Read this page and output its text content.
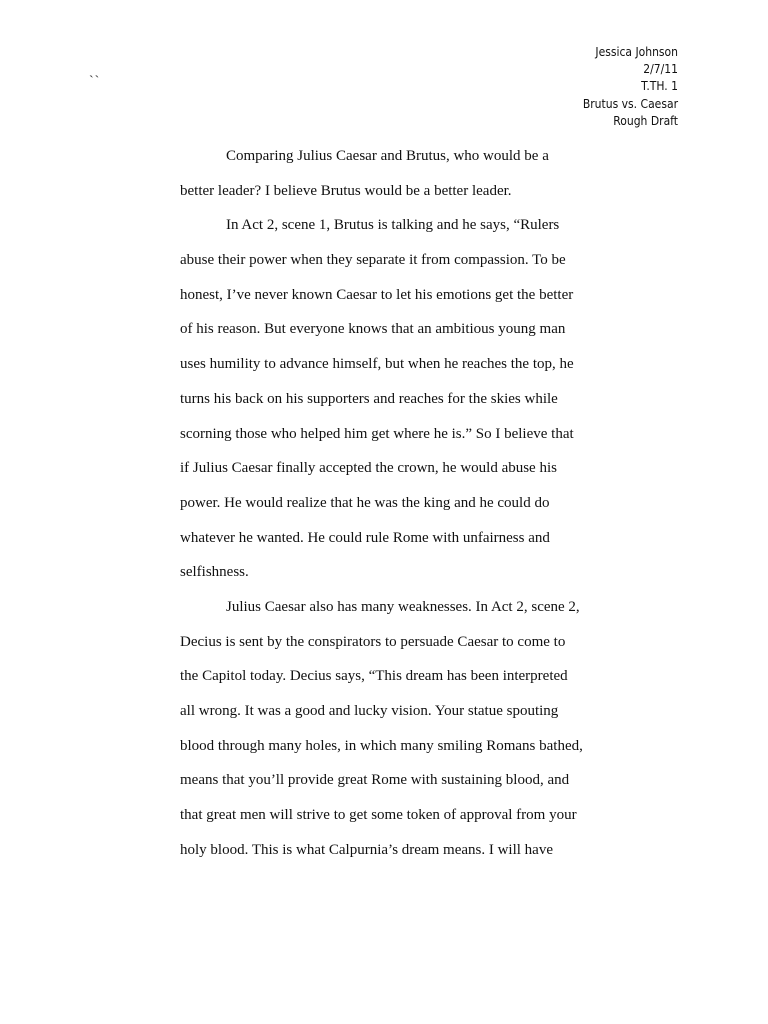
``
Jessica Johnson
2/7/11
T.TH. 1
Brutus vs. Caesar
Rough Draft
Comparing Julius Caesar and Brutus, who would be a
better leader? I believe Brutus would be a better leader.
In Act 2, scene 1, Brutus is talking and he says, “Rulers
abuse their power when they separate it from compassion. To be
honest, I’ve never known Caesar to let his emotions get the better
of his reason. But everyone knows that an ambitious young man
uses humility to advance himself, but when he reaches the top, he
turns his back on his supporters and reaches for the skies while
scorning those who helped him get where he is.” So I believe that
if Julius Caesar finally accepted the crown, he would abuse his
power. He would realize that he was the king and he could do
whatever he wanted. He could rule Rome with unfairness and
selfishness.
Julius Caesar also has many weaknesses. In Act 2, scene 2,
Decius is sent by the conspirators to persuade Caesar to come to
the Capitol today. Decius says, “This dream has been interpreted
all wrong. It was a good and lucky vision. Your statue spouting
blood through many holes, in which many smiling Romans bathed,
means that you’ll provide great Rome with sustaining blood, and
that great men will strive to get some token of approval from your
holy blood. This is what Calpurnia’s dream means. I will have
